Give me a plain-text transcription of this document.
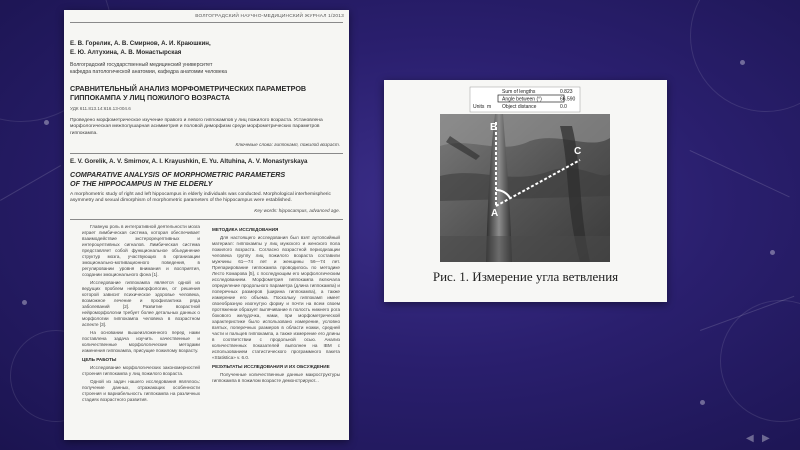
◀ ▶

ВОЛГОГРАДСКИЙ НАУЧНО-МЕДИЦИНСКИЙ ЖУРНАЛ 1/2013

Е. В. Горелик, А. В. Смирнов, А. И. Краюшкин,
Е. Ю. Алтухина, А. В. Монастырская
Волгоградский государственный медицинский университет
кафедра патологической анатомии, кафедра анатомии человека
СРАВНИТЕЛЬНЫЙ АНАЛИЗ МОРФОМЕТРИЧЕСКИХ ПАРАМЕТРОВ
ГИППОКАМПА У ЛИЦ ПОЖИЛОГО ВОЗРАСТА

УДК 611.813.14:616.13-004.6

Проведено морфометрическое изучение правого и левого гиппокампов у лиц пожилого возраста. Установлена
морфологическая межполушарная асимметрия и половой диморфизм среди морфометрических параметров
гиппокампа.

Ключевые слова: гиппокамп, пожилой возраст.

E. V. Gorelik, A. V. Smirnov, A. I. Krayushkin, E. Yu. Altuhina, A. V. Monastyrskaya

COMPARATIVE ANALYSIS OF MORPHOMETRIC PARAMETERS
OF THE HIPPOCAMPUS IN THE ELDERLY
A morphometric study of right and left hippocampus in elderly individuals was conducted. Morphological interhemispheric
asymmetry and sexual dimorphism of morphometric parameters of the hippocampus were established.

Key words: hippocampus, advanced age.

Главную роль в интегративной деятельности мозга играет лимбическая система, которая обеспечивает взаимодействие экстерорецептивных и интероцептивных сигналов. Лимбическая система представляет собой функциональное объединение структур мозга, участвующих в организации эмоционально-мотивационного поведения, в регулировании уровня внимания и восприятия, создании эмоционального фона [1].

Исследование гиппокампа является одной из ведущих проблем нейроморфологии, от решения которой зависит психическое здоровье человека, возможное лечение и профилактика ряда заболеваний [2]. Развитие возрастной нейроморфологии требует более детальных данных о морфологии гиппокампа человека в возрастном аспекте [3].

На основании вышеизложенного перед нами поставлена задача изучить качественные и количественные морфологические методами изменения гиппокампа, присущие пожилому возрасту.

ЦЕЛЬ РАБОТЫ

Исследование морфологических закономерностей строения гиппокампа у лиц пожилого возраста.

Одной из задач нашего исследования являлось: получение данных, отражающих особенности строения и вариабельность гиппокампа на различных стадиях возрастного развития.

МЕТОДИКА ИССЛЕДОВАНИЯ

Для настоящего исследования был взят аутопсийный материал: гиппокампы у лиц мужского и женского пола пожилого возраста. Согласно возрастной периодизации человека группу лиц пожилого возраста составили мужчины 61—74 лет и женщины 56—74 лет. Препарирование гиппокампа проводилось по методике Лесто Комарова [5], с последующим его морфологическим исследованием. Морфометрия гиппокампа включала определение продольного параметра (длина гиппокампа) и поперечных размеров (ширина гиппокампа), а также измерение его объема. Поскольку гиппокамп имеет своеобразную изогнутую форму и почти на всем своем протяжении образует выпячивание в полость нижнего рога бокового желудочка, нами, при морфометрической характеристике было использовано измерение, условно взятых, поперечных размеров в области ножки, средней части и пальцев гиппокампа, а также измерение его длины в соответствии с продольной осью. Анализ количественных показателей выполнен на IBM с использованием статистического программного пакета «Statistica» v. 6.0.

РЕЗУЛЬТАТЫ ИССЛЕДОВАНИЯ И ИХ ОБСУЖДЕНИЕ

Полученные количественные данные макроструктуры гиппокампа в пожилом возрасте демонстрируют...

Sum of lengths	0.823
Angle between (°)	66.590
Units m Object distance	0.0
B
C
A
Рис. 1. Измерение угла ветвления
